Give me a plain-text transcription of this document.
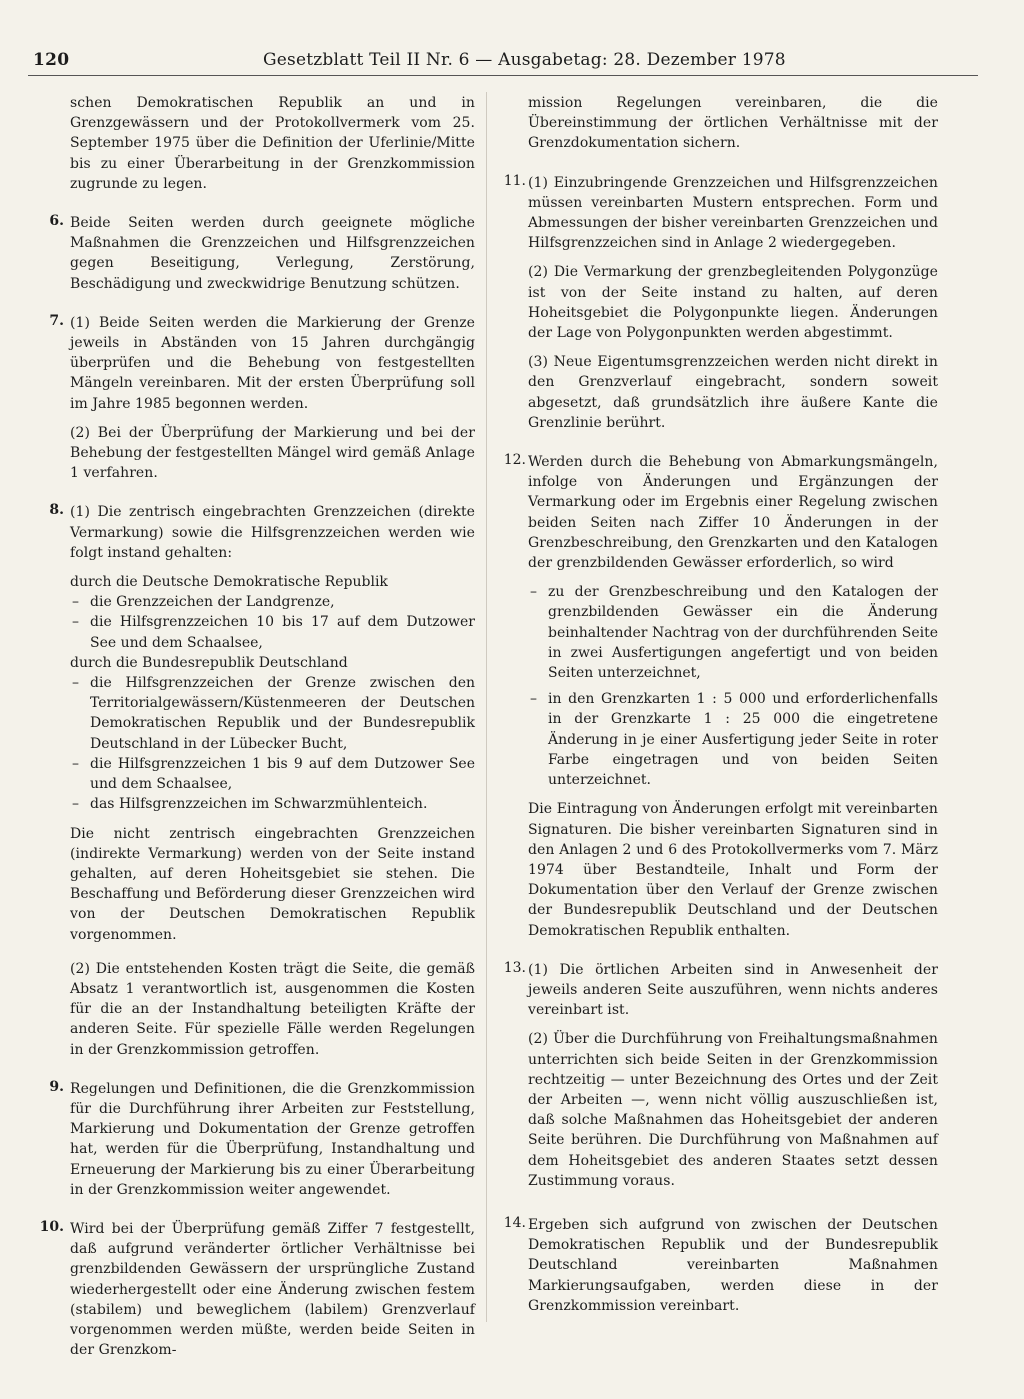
120	Gesetzblatt Teil II Nr. 6 — Ausgabetag: 28. Dezember 1978

schen Demokratischen Republik an und in Grenzgewässern und der Protokollvermerk vom 25. September 1975 über die Definition der Uferlinie/Mitte bis zu einer Überarbeitung in der Grenzkommission zugrunde zu legen.

6. Beide Seiten werden durch geeignete mögliche Maßnahmen die Grenzzeichen und Hilfsgrenzzeichen gegen Beseitigung, Verlegung, Zerstörung, Beschädigung und zweckwidrige Benutzung schützen.

7. (1) Beide Seiten werden die Markierung der Grenze jeweils in Abständen von 15 Jahren durchgängig überprüfen und die Behebung von festgestellten Mängeln vereinbaren. Mit der ersten Überprüfung soll im Jahre 1985 begonnen werden.

(2) Bei der Überprüfung der Markierung und bei der Behebung der festgestellten Mängel wird gemäß Anlage 1 verfahren.

8. (1) Die zentrisch eingebrachten Grenzzeichen (direkte Vermarkung) sowie die Hilfsgrenzzeichen werden wie folgt instand gehalten:

durch die Deutsche Demokratische Republik

– die Grenzzeichen der Landgrenze,

– die Hilfsgrenzzeichen 10 bis 17 auf dem Dutzower See und dem Schaalsee,

durch die Bundesrepublik Deutschland

– die Hilfsgrenzzeichen der Grenze zwischen den Territorialgewässern/Küstenmeeren der Deutschen Demokratischen Republik und der Bundesrepublik Deutschland in der Lübecker Bucht,

– die Hilfsgrenzzeichen 1 bis 9 auf dem Dutzower See und dem Schaalsee,

– das Hilfsgrenzzeichen im Schwarzmühlenteich.

Die nicht zentrisch eingebrachten Grenzzeichen (indirekte Vermarkung) werden von der Seite instand gehalten, auf deren Hoheitsgebiet sie stehen. Die Beschaffung und Beförderung dieser Grenzzeichen wird von der Deutschen Demokratischen Republik vorgenommen.

(2) Die entstehenden Kosten trägt die Seite, die gemäß Absatz 1 verantwortlich ist, ausgenommen die Kosten für die an der Instandhaltung beteiligten Kräfte der anderen Seite. Für spezielle Fälle werden Regelungen in der Grenzkommission getroffen.

9. Regelungen und Definitionen, die die Grenzkommission für die Durchführung ihrer Arbeiten zur Feststellung, Markierung und Dokumentation der Grenze getroffen hat, werden für die Überprüfung, Instandhaltung und Erneuerung der Markierung bis zu einer Überarbeitung in der Grenzkommission weiter angewendet.

10. Wird bei der Überprüfung gemäß Ziffer 7 festgestellt, daß aufgrund veränderter örtlicher Verhältnisse bei grenzbildenden Gewässern der ursprüngliche Zustand wiederhergestellt oder eine Änderung zwischen festem (stabilem) und beweglichem (labilem) Grenzverlauf vorgenommen werden müßte, werden beide Seiten in der Grenzkom-

mission Regelungen vereinbaren, die die Übereinstimmung der örtlichen Verhältnisse mit der Grenzdokumentation sichern.

11. (1) Einzubringende Grenzzeichen und Hilfsgrenzzeichen müssen vereinbarten Mustern entsprechen. Form und Abmessungen der bisher vereinbarten Grenzzeichen und Hilfsgrenzzeichen sind in Anlage 2 wiedergegeben.

(2) Die Vermarkung der grenzbegleitenden Polygonzüge ist von der Seite instand zu halten, auf deren Hoheitsgebiet die Polygonpunkte liegen. Änderungen der Lage von Polygonpunkten werden abgestimmt.

(3) Neue Eigentumsgrenzzeichen werden nicht direkt in den Grenzverlauf eingebracht, sondern soweit abgesetzt, daß grundsätzlich ihre äußere Kante die Grenzlinie berührt.

12. Werden durch die Behebung von Abmarkungsmängeln, infolge von Änderungen und Ergänzungen der Vermarkung oder im Ergebnis einer Regelung zwischen beiden Seiten nach Ziffer 10 Änderungen in der Grenzbeschreibung, den Grenzkarten und den Katalogen der grenzbildenden Gewässer erforderlich, so wird

– zu der Grenzbeschreibung und den Katalogen der grenzbildenden Gewässer ein die Änderung beinhaltender Nachtrag von der durchführenden Seite in zwei Ausfertigungen angefertigt und von beiden Seiten unterzeichnet,

– in den Grenzkarten 1 : 5 000 und erforderlichenfalls in der Grenzkarte 1 : 25 000 die eingetretene Änderung in je einer Ausfertigung jeder Seite in roter Farbe eingetragen und von beiden Seiten unterzeichnet.

Die Eintragung von Änderungen erfolgt mit vereinbarten Signaturen. Die bisher vereinbarten Signaturen sind in den Anlagen 2 und 6 des Protokollvermerks vom 7. März 1974 über Bestandteile, Inhalt und Form der Dokumentation über den Verlauf der Grenze zwischen der Bundesrepublik Deutschland und der Deutschen Demokratischen Republik enthalten.

13. (1) Die örtlichen Arbeiten sind in Anwesenheit der jeweils anderen Seite auszuführen, wenn nichts anderes vereinbart ist.

(2) Über die Durchführung von Freihaltungsmaßnahmen unterrichten sich beide Seiten in der Grenzkommission rechtzeitig — unter Bezeichnung des Ortes und der Zeit der Arbeiten —, wenn nicht völlig auszuschließen ist, daß solche Maßnahmen das Hoheitsgebiet der anderen Seite berühren. Die Durchführung von Maßnahmen auf dem Hoheitsgebiet des anderen Staates setzt dessen Zustimmung voraus.

14. Ergeben sich aufgrund von zwischen der Deutschen Demokratischen Republik und der Bundesrepublik Deutschland vereinbarten Maßnahmen Markierungsaufgaben, werden diese in der Grenzkommission vereinbart.
